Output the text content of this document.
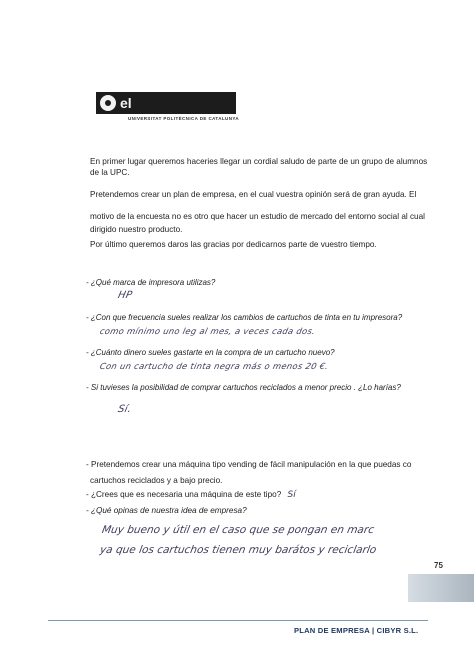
el
UNIVERSITAT POLITÈCNICA DE CATALUNYA
En primer lugar queremos haceries llegar un cordial saludo de parte de un grupo de alumnos de la UPC.
Pretendemos crear un plan de empresa, en el cual vuestra opinión será de gran ayuda. El
motivo de la encuesta no es otro que hacer un estudio de mercado del entorno social al cual
dirigido nuestro producto.
Por último queremos daros las gracias por dedicarnos parte de vuestro tiempo.
- ¿Qué marca de impresora utilizas?
HP
- ¿Con que frecuencia sueles realizar los cambios de cartuchos de tinta en tu impresora?
como mínimo uno leg al mes, a veces cada dos.
- ¿Cuánto dinero sueles gastarte en la compra de un cartucho nuevo?
Con un cartucho de tinta negra más o menos 20 €.
- Si tuvieses la posibilidad de comprar cartuchos reciclados a menor precio . ¿Lo harías?
Sí.
- Pretendemos crear una máquina tipo vending de fácil manipulación en la que puedas co
cartuchos reciclados y a bajo precio.
- ¿Crees que es necesaria una máquina de este tipo? Sí
- ¿Qué opinas de nuestra idea de empresa?
Muy bueno y útil en el caso que se pongan en marc
ya que los cartuchos tienen muy barátos y reciclarlo
75
PLAN DE EMPRESA | CIBYR S.L.
